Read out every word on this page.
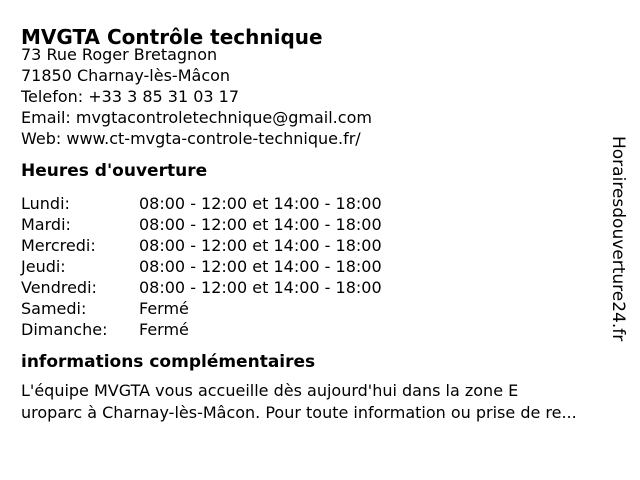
MVGTA Contrôle technique
73 Rue Roger Bretagnon
71850 Charnay-lès-Mâcon
Telefon: +33 3 85 31 03 17
Email: mvgtacontroletechnique@gmail.com
Web: www.ct-mvgta-controle-technique.fr/
Heures d'ouverture
Lundi:	08:00 - 12:00 et 14:00 - 18:00
Mardi:	08:00 - 12:00 et 14:00 - 18:00
Mercredi:	08:00 - 12:00 et 14:00 - 18:00
Jeudi:	08:00 - 12:00 et 14:00 - 18:00
Vendredi:	08:00 - 12:00 et 14:00 - 18:00
Samedi:	Fermé
Dimanche:	Fermé
informations complémentaires
L'équipe MVGTA vous accueille dès aujourd'hui dans la zone E
uroparc à Charnay-lès-Mâcon. Pour toute information ou prise de re...
Horairesdouverture24.fr
